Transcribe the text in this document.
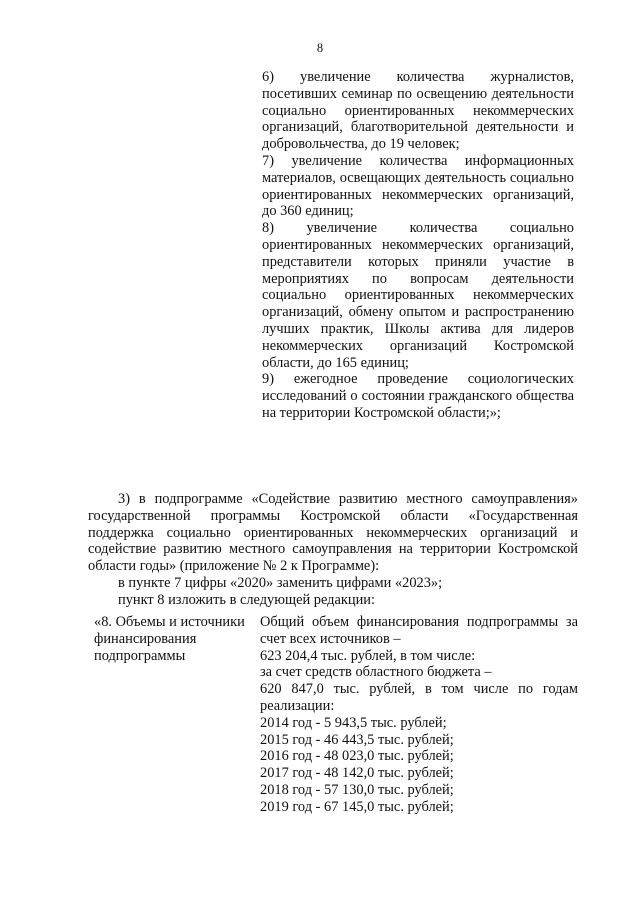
8

6) увеличение количества журналистов, посетивших семинар по освещению деятельности социально ориентированных некоммерческих организаций, благотворительной деятельности и добровольчества, до 19 человек;

7) увеличение количества информационных материалов, освещающих деятельность социально ориентированных некоммерческих организаций, до 360 единиц;

8) увеличение количества социально ориентированных некоммерческих организаций, представители которых приняли участие в мероприятиях по вопросам деятельности социально ориентированных некоммерческих организаций, обмену опытом и распространению лучших практик, Школы актива для лидеров некоммерческих организаций Костромской области, до 165 единиц;

9) ежегодное проведение социологических исследований о состоянии гражданского общества на территории Костромской области;»;

3) в подпрограмме «Содействие развитию местного самоуправления» государственной программы Костромской области «Государственная поддержка социально ориентированных некоммерческих организаций и содействие развитию местного самоуправления на территории Костромской области годы» (приложение № 2 к Программе):

в пункте 7 цифры «2020» заменить цифрами «2023»;

пункт 8 изложить в следующей редакции:

«8. Объемы и источники
финансирования
подпрограммы
Общий объем финансирования подпрограммы за счет всех источников –
623 204,4 тыс. рублей, в том числе:
за счет средств областного бюджета –
620 847,0 тыс. рублей, в том числе по годам реализации:
2014 год - 5 943,5 тыс. рублей;
2015 год - 46 443,5 тыс. рублей;
2016 год - 48 023,0 тыс. рублей;
2017 год - 48 142,0 тыс. рублей;
2018 год - 57 130,0 тыс. рублей;
2019 год - 67 145,0 тыс. рублей;
